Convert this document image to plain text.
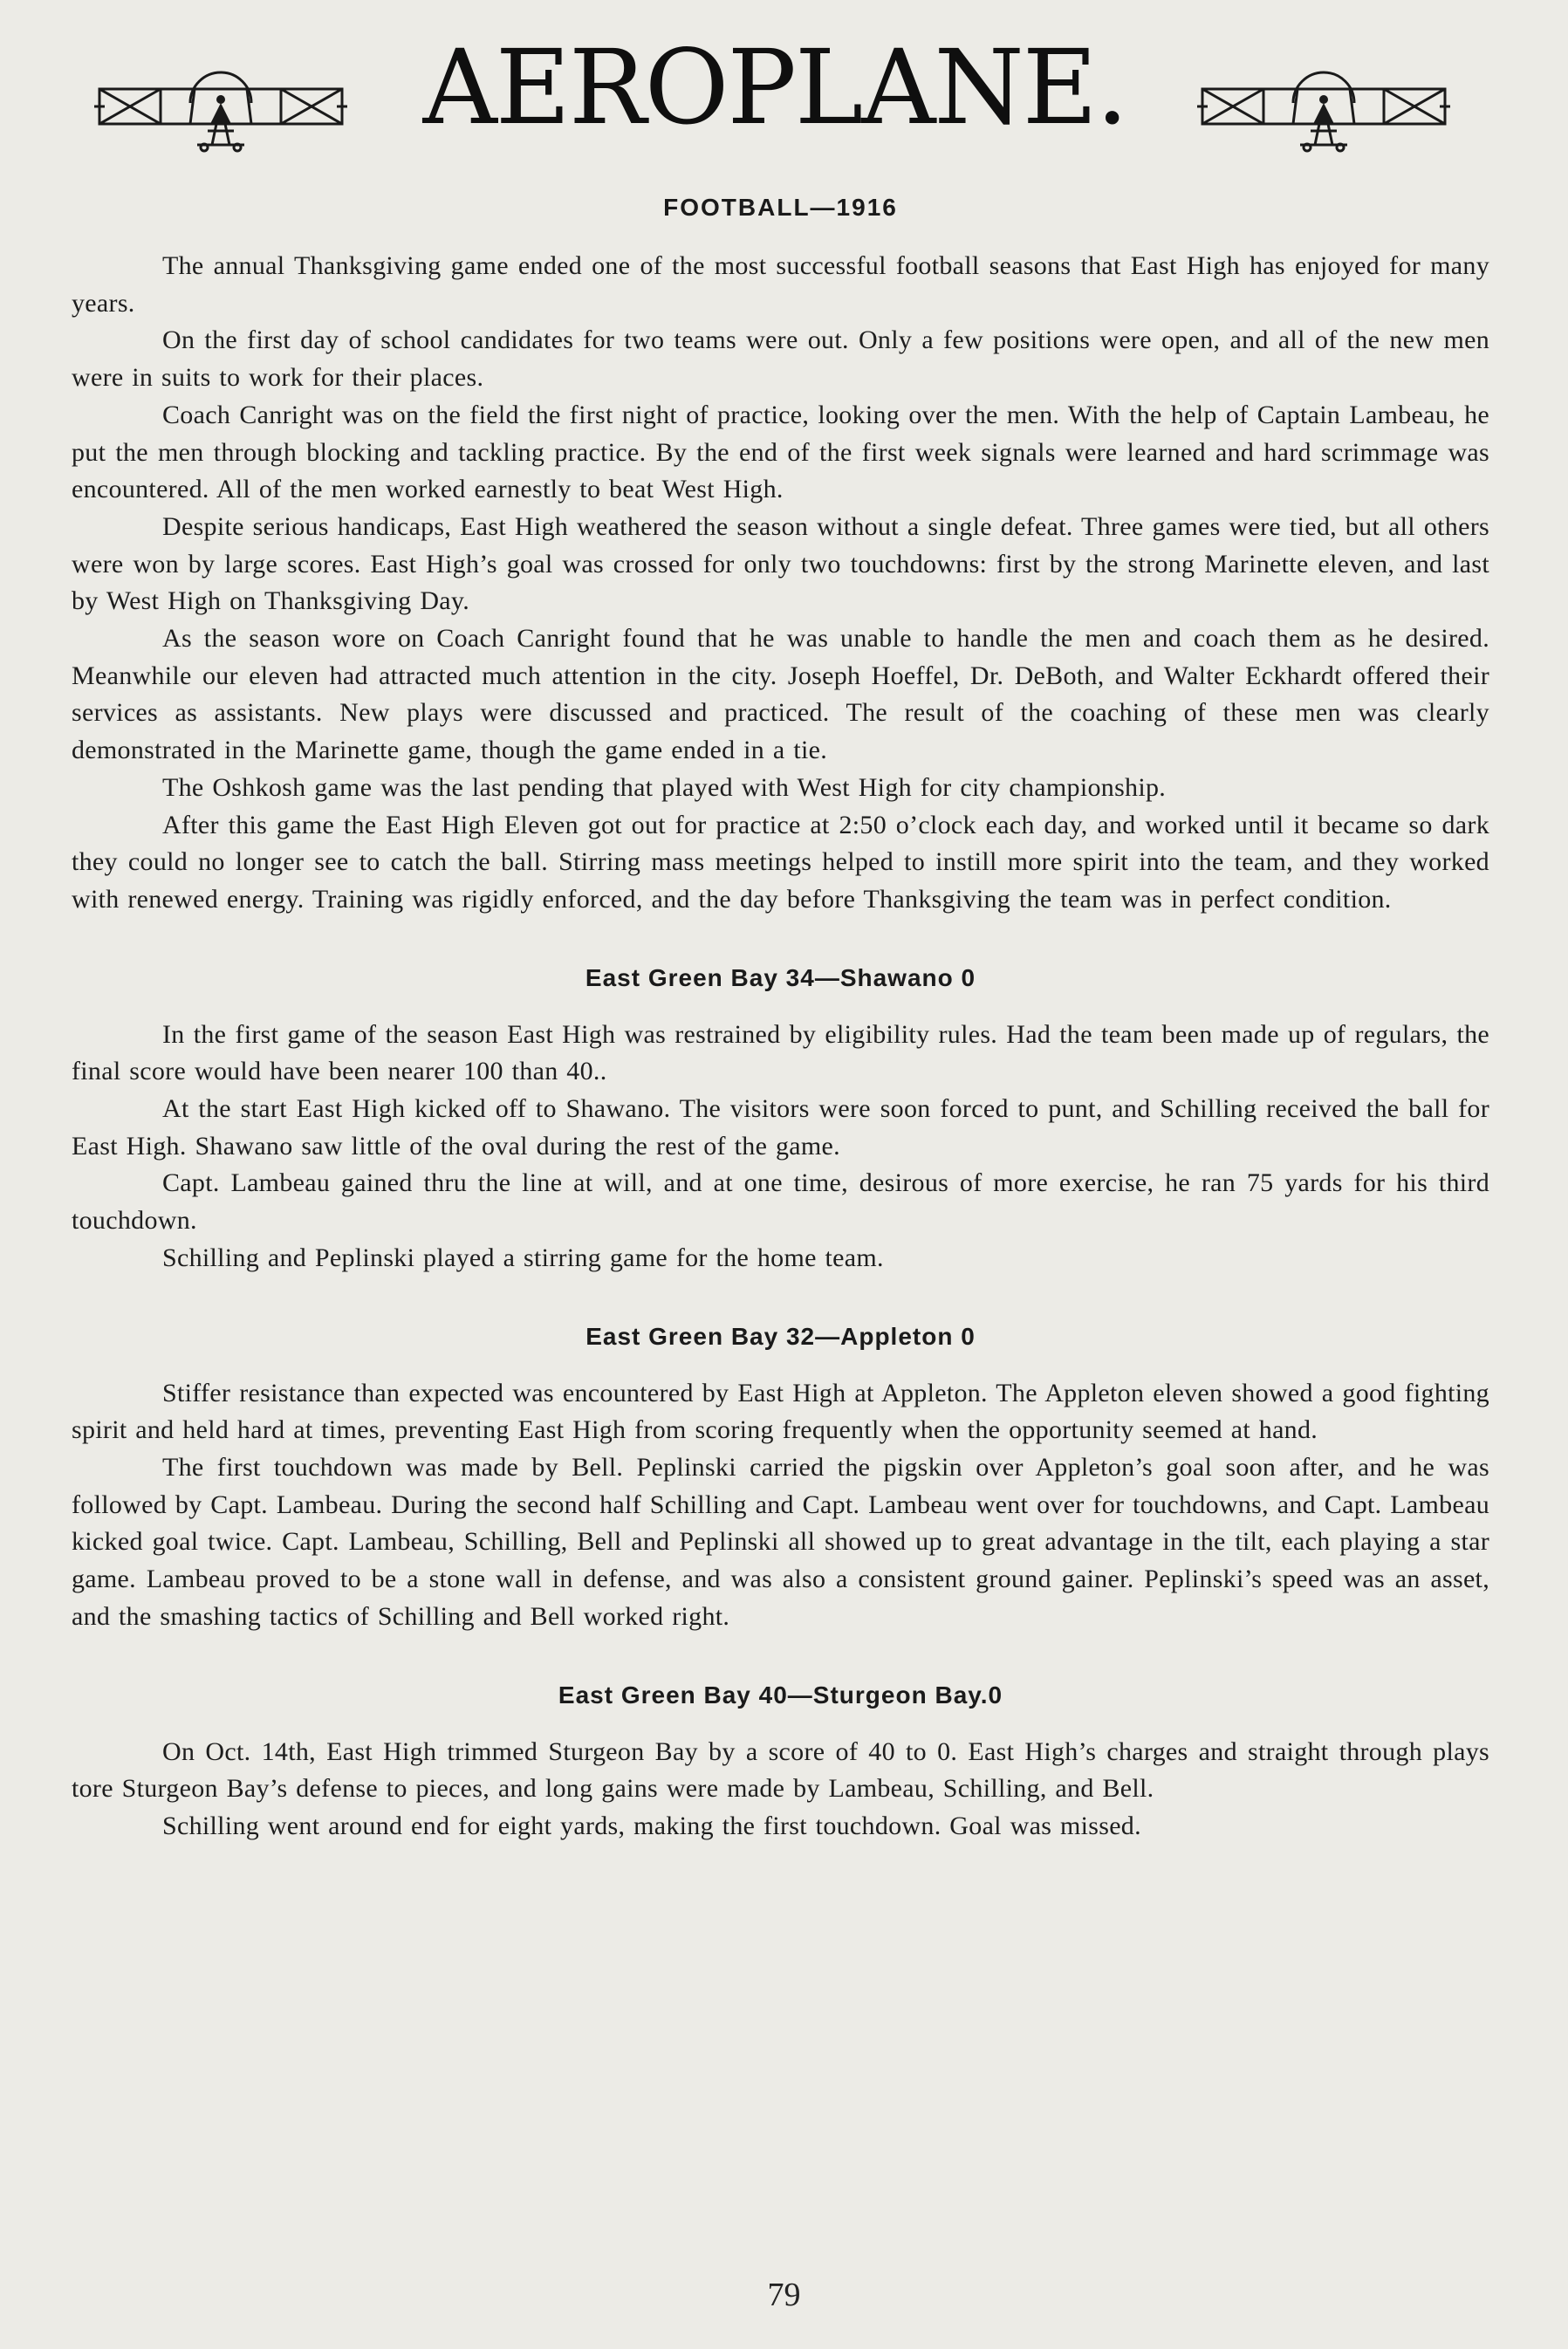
AEROPLANE.
FOOTBALL—1916

The annual Thanksgiving game ended one of the most successful football seasons that East High has enjoyed for many years.

On the first day of school candidates for two teams were out. Only a few positions were open, and all of the new men were in suits to work for their places.

Coach Canright was on the field the first night of practice, looking over the men. With the help of Captain Lambeau, he put the men through blocking and tackling practice. By the end of the first week signals were learned and hard scrimmage was encountered. All of the men worked earnestly to beat West High.

Despite serious handicaps, East High weathered the season without a single defeat. Three games were tied, but all others were won by large scores. East High’s goal was crossed for only two touchdowns: first by the strong Marinette eleven, and last by West High on Thanksgiving Day.

As the season wore on Coach Canright found that he was unable to handle the men and coach them as he desired. Meanwhile our eleven had attracted much attention in the city. Joseph Hoeffel, Dr. DeBoth, and Walter Eckhardt offered their services as assistants. New plays were discussed and practiced. The result of the coaching of these men was clearly demonstrated in the Marinette game, though the game ended in a tie.

The Oshkosh game was the last pending that played with West High for city championship.

After this game the East High Eleven got out for practice at 2:50 o’clock each day, and worked until it became so dark they could no longer see to catch the ball. Stirring mass meetings helped to instill more spirit into the team, and they worked with renewed energy. Training was rigidly enforced, and the day before Thanksgiving the team was in perfect condition.

East Green Bay 34—Shawano 0

In the first game of the season East High was restrained by eligibility rules. Had the team been made up of regulars, the final score would have been nearer 100 than 40..

At the start East High kicked off to Shawano. The visitors were soon forced to punt, and Schilling received the ball for East High. Shawano saw little of the oval during the rest of the game.

Capt. Lambeau gained thru the line at will, and at one time, desirous of more exercise, he ran 75 yards for his third touchdown.

Schilling and Peplinski played a stirring game for the home team.

East Green Bay 32—Appleton 0

Stiffer resistance than expected was encountered by East High at Appleton. The Appleton eleven showed a good fighting spirit and held hard at times, preventing East High from scoring frequently when the opportunity seemed at hand.

The first touchdown was made by Bell. Peplinski carried the pigskin over Appleton’s goal soon after, and he was followed by Capt. Lambeau. During the second half Schilling and Capt. Lambeau went over for touchdowns, and Capt. Lambeau kicked goal twice. Capt. Lambeau, Schilling, Bell and Peplinski all showed up to great advantage in the tilt, each playing a star game. Lambeau proved to be a stone wall in defense, and was also a consistent ground gainer. Peplinski’s speed was an asset, and the smashing tactics of Schilling and Bell worked right.

East Green Bay 40—Sturgeon Bay.0

On Oct. 14th, East High trimmed Sturgeon Bay by a score of 40 to 0. East High’s charges and straight through plays tore Sturgeon Bay’s defense to pieces, and long gains were made by Lambeau, Schilling, and Bell.

Schilling went around end for eight yards, making the first touchdown. Goal was missed.

79
